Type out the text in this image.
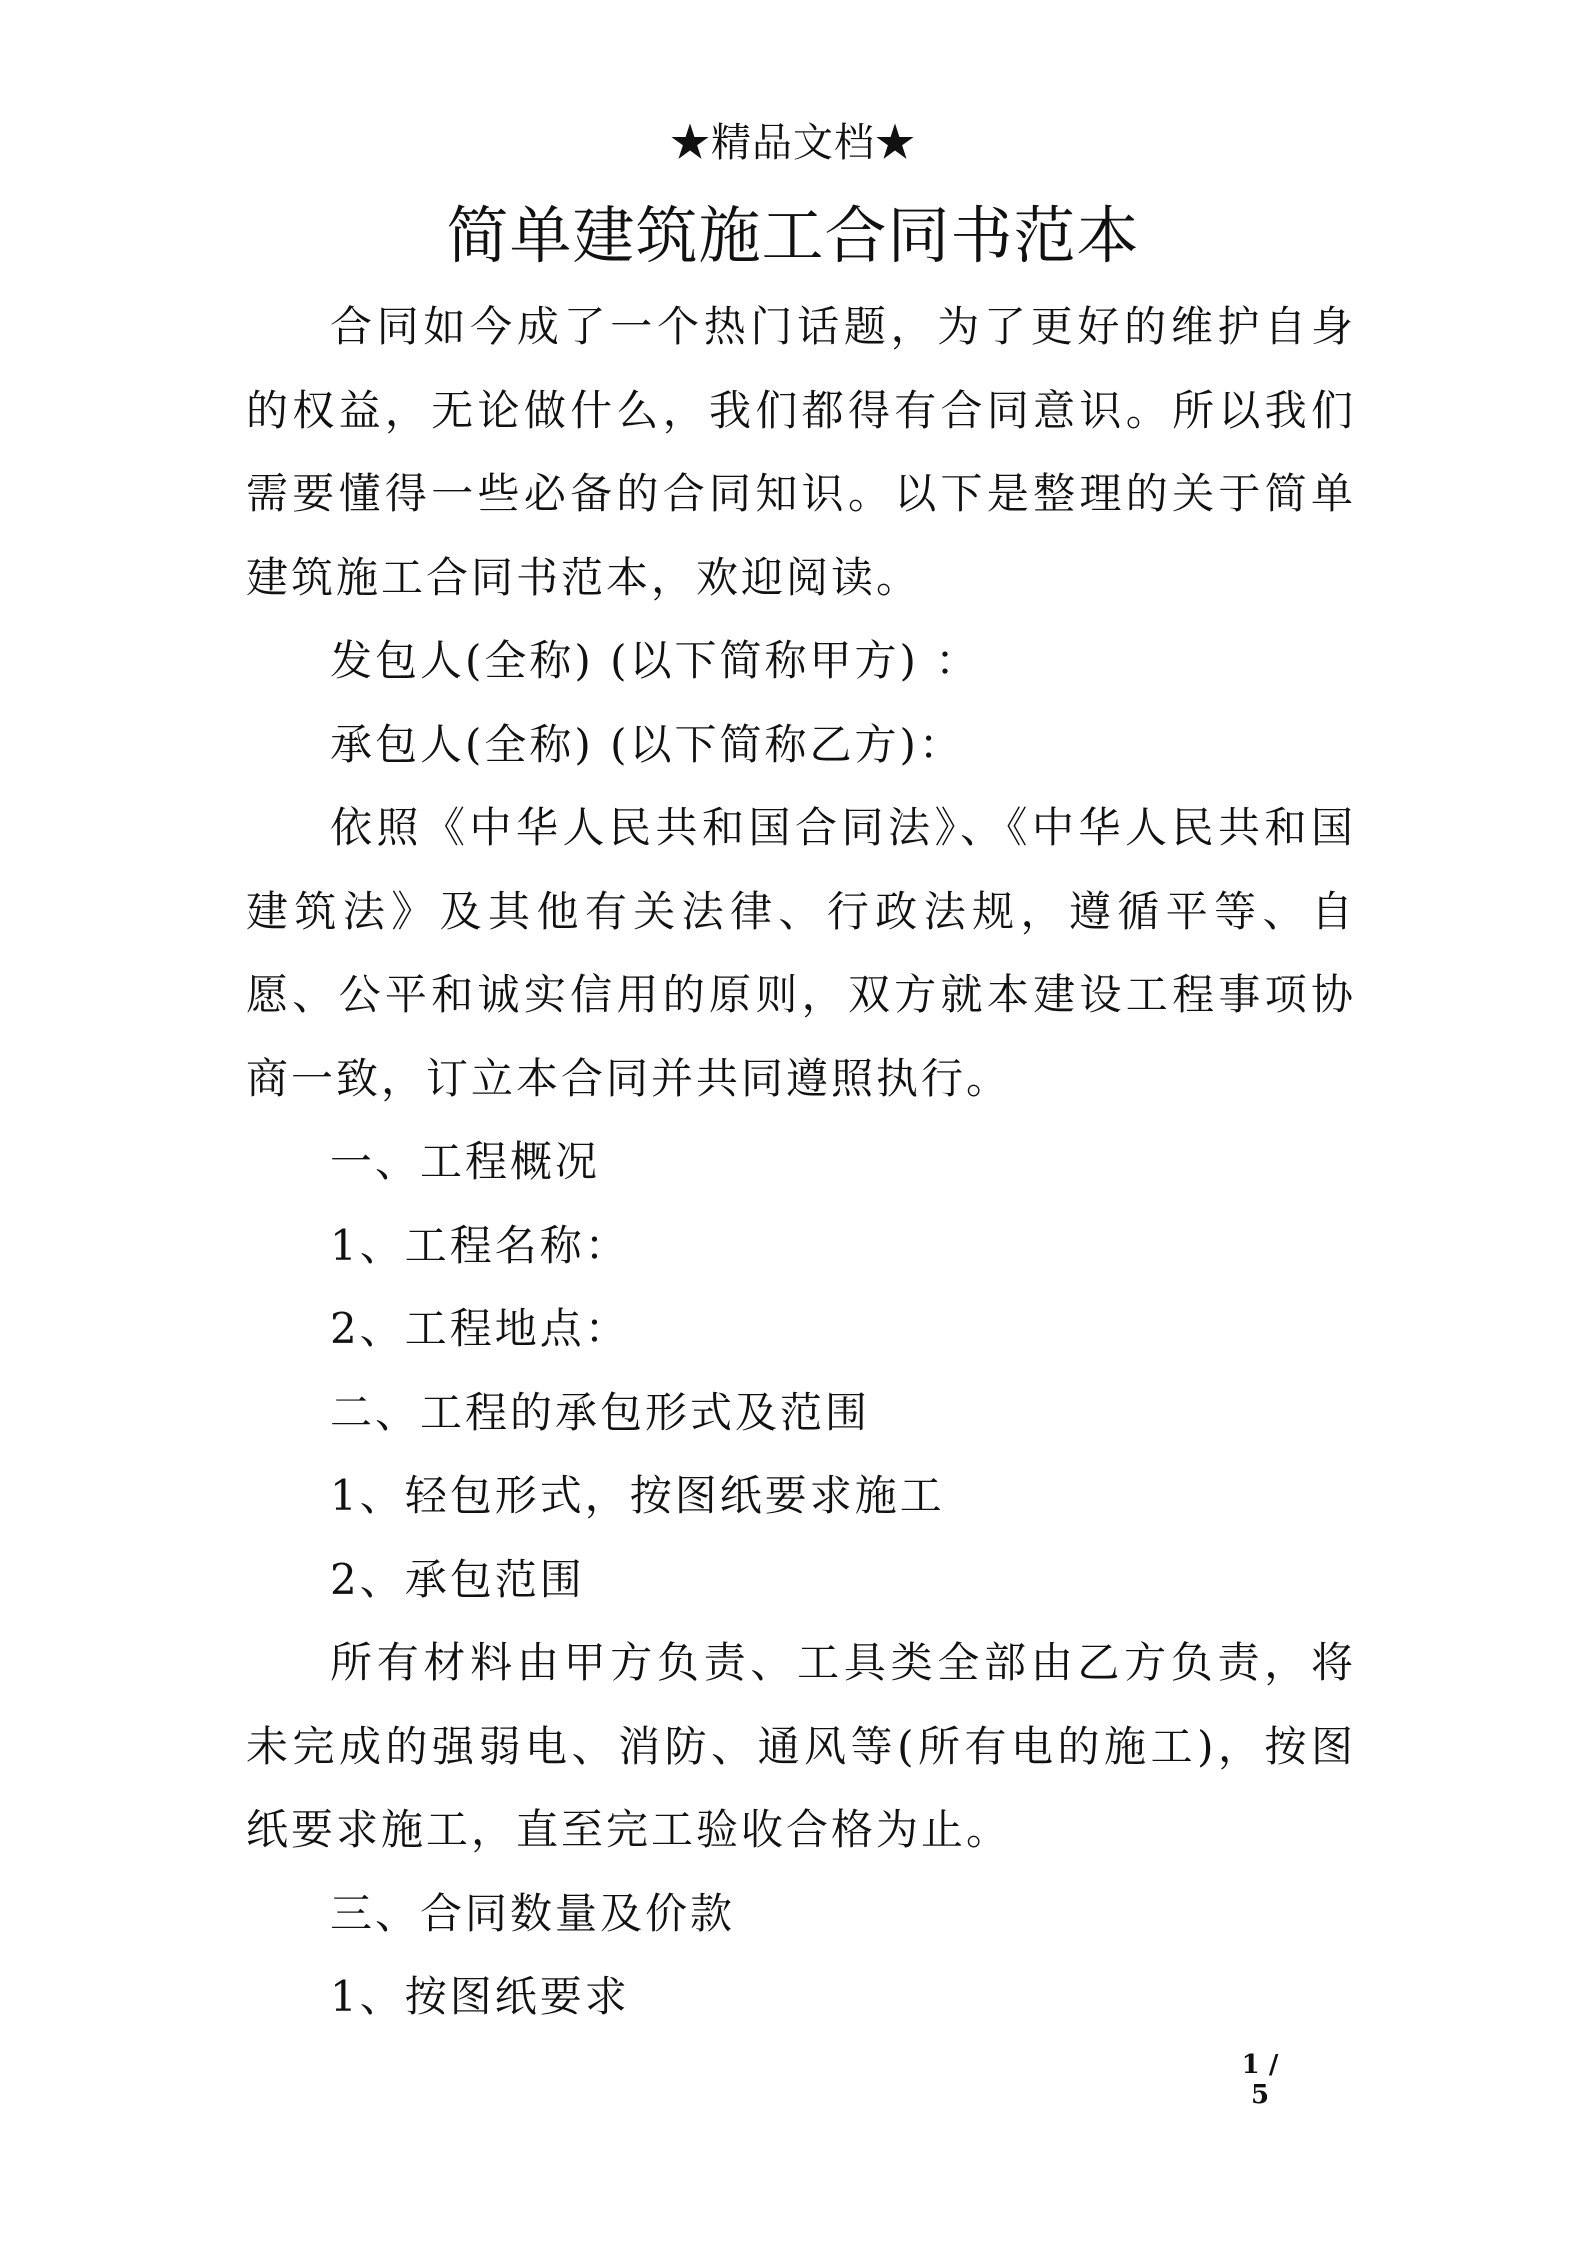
★精品文档★
简单建筑施工合同书范本

合同如今成了一个热门话题，为了更好的维护自身的权益，无论做什么，我们都得有合同意识。所以我们需要懂得一些必备的合同知识。以下是整理的关于简单建筑施工合同书范本，欢迎阅读。

发包人(全称) (以下简称甲方) ：

承包人(全称) (以下简称乙方)：

依照《中华人民共和国合同法》、《中华人民共和国建筑法》及其他有关法律、行政法规，遵循平等、自愿、公平和诚实信用的原则，双方就本建设工程事项协商一致，订立本合同并共同遵照执行。

一、工程概况

1、工程名称：

2、工程地点：

二、工程的承包形式及范围

1、轻包形式，按图纸要求施工

2、承包范围

所有材料由甲方负责、工具类全部由乙方负责，将未完成的强弱电、消防、通风等(所有电的施工)，按图纸要求施工，直至完工验收合格为止。

三、合同数量及价款

1、按图纸要求

1 / 5
